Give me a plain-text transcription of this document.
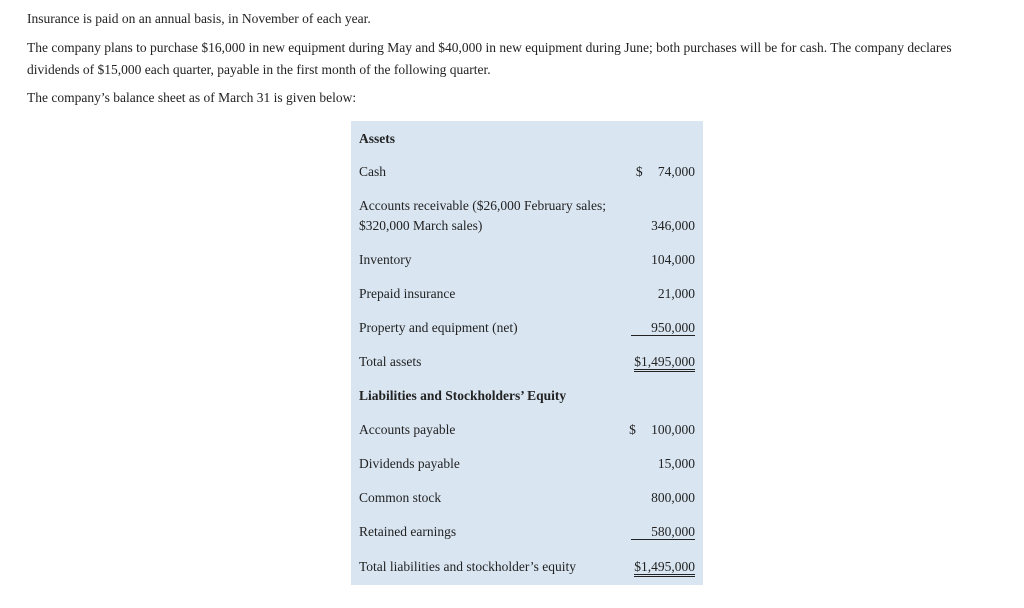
Insurance is paid on an annual basis, in November of each year.

The company plans to purchase $16,000 in new equipment during May and $40,000 in new equipment during June; both purchases will be for cash. The company declares dividends of $15,000 each quarter, payable in the first month of the following quarter.

The company’s balance sheet as of March 31 is given below:

Assets
Cash	$ 74,000
Accounts receivable ($26,000 February sales; $320,000 March sales)	346,000
Inventory	104,000
Prepaid insurance	21,000
Property and equipment (net)	950,000
Total assets	$1,495,000
Liabilities and Stockholders’ Equity
Accounts payable	$ 100,000
Dividends payable	15,000
Common stock	800,000
Retained earnings	580,000
Total liabilities and stockholder’s equity	$1,495,000
